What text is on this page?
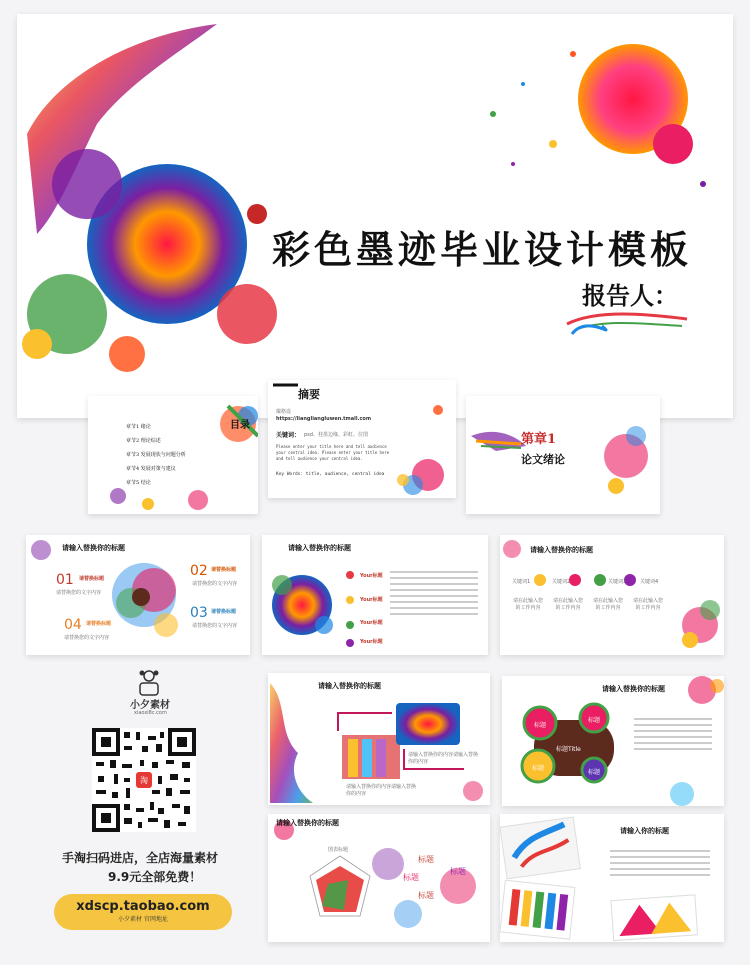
彩色墨迹毕业设计模板
报告人：
目录
章节1 绪论
章节2 理论综述
章节3 发展现状与问题分析
章节4 发展对策与建议
章节5 结论
摘要
爆格设
https://liangliangluwen.tmall.com
关键词： psd、桂墨边缘、彩虹、位图
Please enter your title here and tell audience your central idea. Please enter your title here and tell audience your central idea.
Key Words: title, audience, central idea
第章1
论文绪论
请输入替换你的标题
01 请替换标题
请替换您的文字内容
02 请替换标题
请替换您的文字内容
03 请替换标题
请替换您的文字内容
04 请替换标题
请替换您的文字内容
请输入替换你的标题
Your标题
Your标题
Your标题
Your标题
请输入替换你的标题
关键词1	关键词2	关键词3	关键词4
请在此输入您的工作内容
请在此输入您的工作内容
请在此输入您的工作内容
请在此输入您的工作内容
小夕素材
xiaoxi8c.com
淘
手淘扫码进店，全店海量素材
9.9元全部免费！
xdscp.taobao.com
小夕素材 官网地址
请输入替换你的标题
请输入替换你的内容请输入替换你的内容
请输入替换你的内容请输入替换你的内容
请输入替换你的标题
标题Title
标题
标题
标题
标题
请输入替换你的标题
图表标题
标题
标题
标题
标题
请输入你的标题
